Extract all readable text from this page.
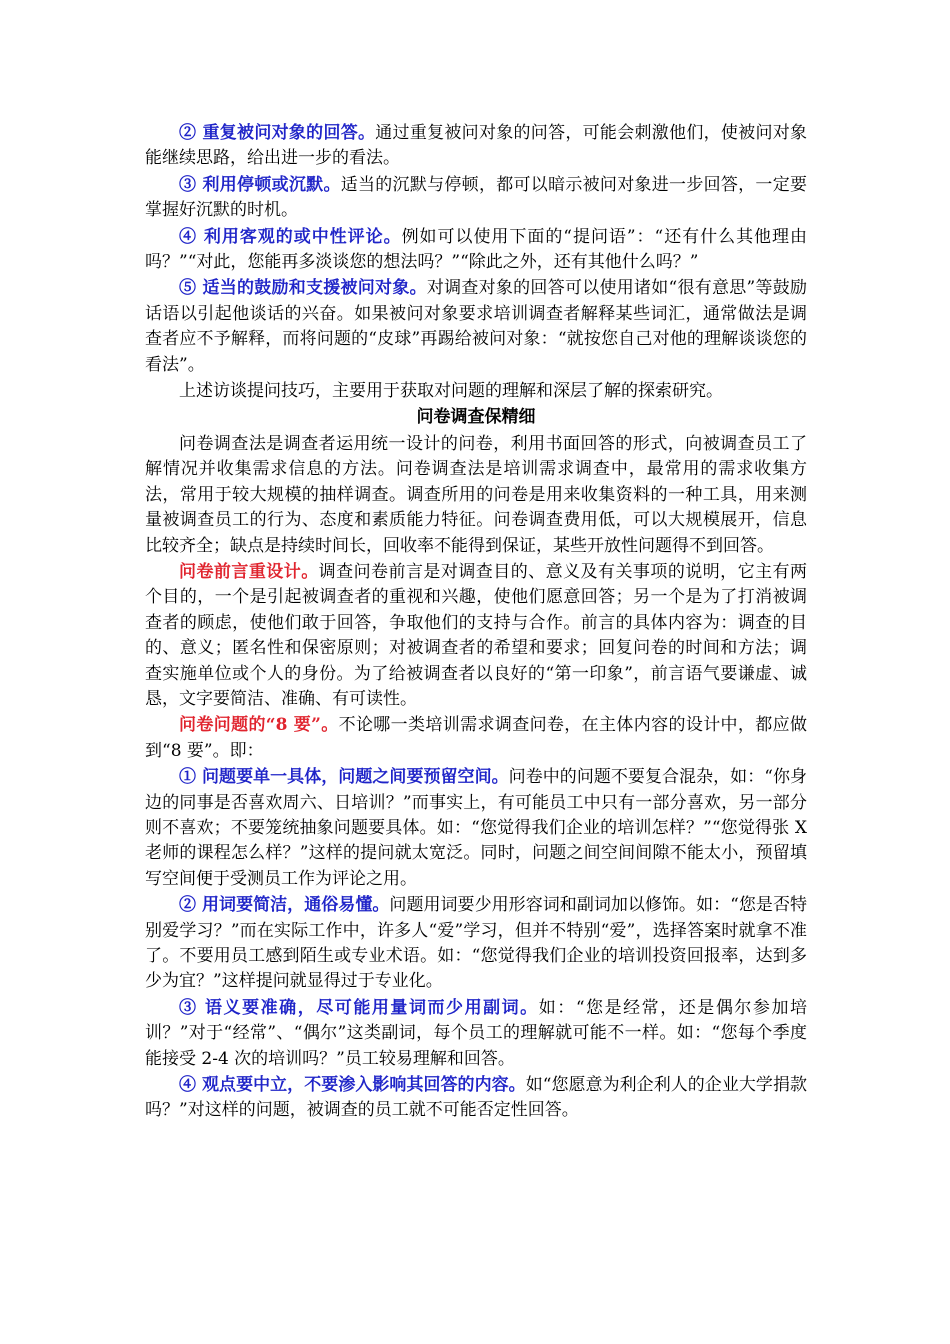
② 重复被问对象的回答。通过重复被问对象的问答，可能会刺激他们，使被问对象能继续思路，给出进一步的看法。

③ 利用停顿或沉默。适当的沉默与停顿，都可以暗示被问对象进一步回答，一定要掌握好沉默的时机。

④ 利用客观的或中性评论。例如可以使用下面的“提问语”：“还有什么其他理由吗？”“对此，您能再多淡谈您的想法吗？”“除此之外，还有其他什么吗？”

⑤ 适当的鼓励和支援被问对象。对调查对象的回答可以使用诸如“很有意思”等鼓励话语以引起他谈话的兴奋。如果被问对象要求培训调查者解释某些词汇，通常做法是调查者应不予解释，而将问题的“皮球”再踢给被问对象：“就按您自己对他的理解谈谈您的看法”。

上述访谈提问技巧，主要用于获取对问题的理解和深层了解的探索研究。

问卷调查保精细

问卷调查法是调查者运用统一设计的问卷，利用书面回答的形式，向被调查员工了解情况并收集需求信息的方法。问卷调查法是培训需求调查中，最常用的需求收集方法，常用于较大规模的抽样调查。调查所用的问卷是用来收集资料的一种工具，用来测量被调查员工的行为、态度和素质能力特征。问卷调查费用低，可以大规模展开，信息比较齐全；缺点是持续时间长，回收率不能得到保证，某些开放性问题得不到回答。

问卷前言重设计。调查问卷前言是对调查目的、意义及有关事项的说明，它主有两个目的，一个是引起被调查者的重视和兴趣，使他们愿意回答；另一个是为了打消被调查者的顾虑，使他们敢于回答，争取他们的支持与合作。前言的具体内容为：调查的目的、意义；匿名性和保密原则；对被调查者的希望和要求；回复问卷的时间和方法；调查实施单位或个人的身份。为了给被调查者以良好的“第一印象”，前言语气要谦虚、诚恳，文字要简洁、准确、有可读性。

问卷问题的“8 要”。不论哪一类培训需求调查问卷，在主体内容的设计中，都应做到“8 要”。即：

① 问题要单一具体，问题之间要预留空间。问卷中的问题不要复合混杂，如：“你身边的同事是否喜欢周六、日培训？”而事实上，有可能员工中只有一部分喜欢，另一部分则不喜欢；不要笼统抽象问题要具体。如：“您觉得我们企业的培训怎样？”“您觉得张 X 老师的课程怎么样？”这样的提问就太宽泛。同时，问题之间空间间隙不能太小，预留填写空间便于受测员工作为评论之用。

② 用词要简洁，通俗易懂。问题用词要少用形容词和副词加以修饰。如：“您是否特别爱学习？”而在实际工作中，许多人“爱”学习，但并不特别“爱”，选择答案时就拿不准了。不要用员工感到陌生或专业术语。如：“您觉得我们企业的培训投资回报率，达到多少为宜？”这样提问就显得过于专业化。

③ 语义要准确，尽可能用量词而少用副词。如：“您是经常，还是偶尔参加培训？”对于“经常”、“偶尔”这类副词，每个员工的理解就可能不一样。如：“您每个季度能接受 2-4 次的培训吗？”员工较易理解和回答。

④ 观点要中立，不要渗入影响其回答的内容。如“您愿意为利企利人的企业大学捐款吗？”对这样的问题，被调查的员工就不可能否定性回答。
